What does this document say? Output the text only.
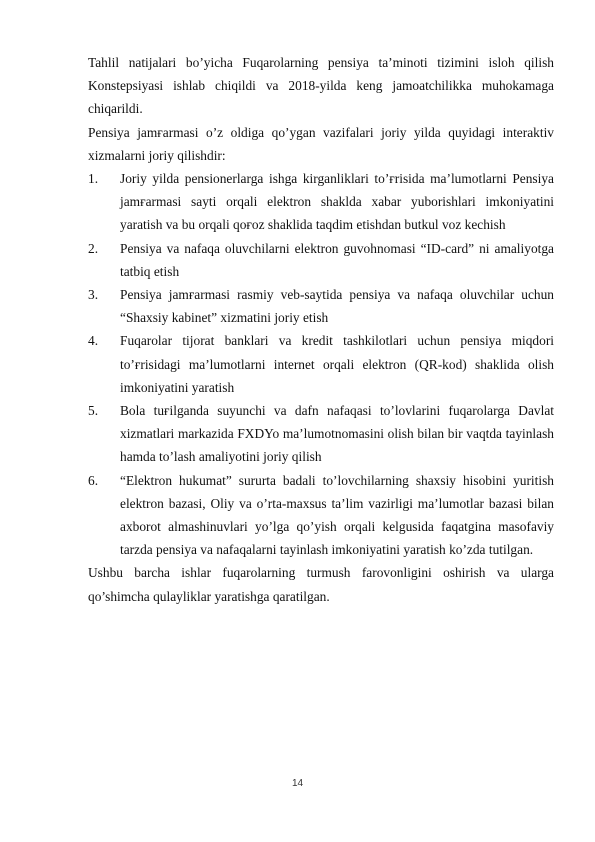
Tahlil natijalari bo’yicha Fuqarolarning pensiya ta’minoti tizimini isloh qilish Konstepsiyasi ishlab chiqildi va 2018-yilda keng jamoatchilikka muhokamaga chiqarildi.

Pensiya jamғarmasi o’z oldiga qo’ygan vazifalari joriy yilda quyidagi interaktiv xizmalarni joriy qilishdir:

1.	Joriy yilda pensionerlarga ishga kirganliklari to’ғrisida ma’lumotlarni Pensiya jamғarmasi sayti orqali elektron shaklda xabar yuborishlari imkoniyatini yaratish va bu orqali qoғoz shaklida taqdim etishdan butkul voz kechish
2.	Pensiya va nafaqa oluvchilarni elektron guvohnomasi “ID-card” ni amaliyotga tatbiq etish
3.	Pensiya jamғarmasi rasmiy veb-saytida pensiya va nafaqa oluvchilar uchun “Shaxsiy kabinet” xizmatini joriy etish
4.	Fuqarolar tijorat banklari va kredit tashkilotlari uchun pensiya miqdori to’ғrisidagi ma’lumotlarni internet orqali elektron (QR-kod) shaklida olish imkoniyatini yaratish
5.	Bola tuғilganda suyunchi va dafn nafaqasi to’lovlarini fuqarolarga Davlat xizmatlari markazida FXDYo ma’lumotnomasini olish bilan bir vaqtda tayinlash hamda to’lash amaliyotini joriy qilish
6.	“Elektron hukumat” sururta badali to’lovchilarning shaxsiy hisobini yuritish elektron bazasi, Oliy va o’rta-maxsus ta’lim vazirligi ma’lumotlar bazasi bilan axborot almashinuvlari yo’lga qo’yish orqali kelgusida faqatgina masofaviy tarzda pensiya va nafaqalarni tayinlash imkoniyatini yaratish ko’zda tutilgan.

Ushbu barcha ishlar fuqarolarning turmush farovonligini oshirish va ularga qo’shimcha qulayliklar yaratishga qaratilgan.

14
